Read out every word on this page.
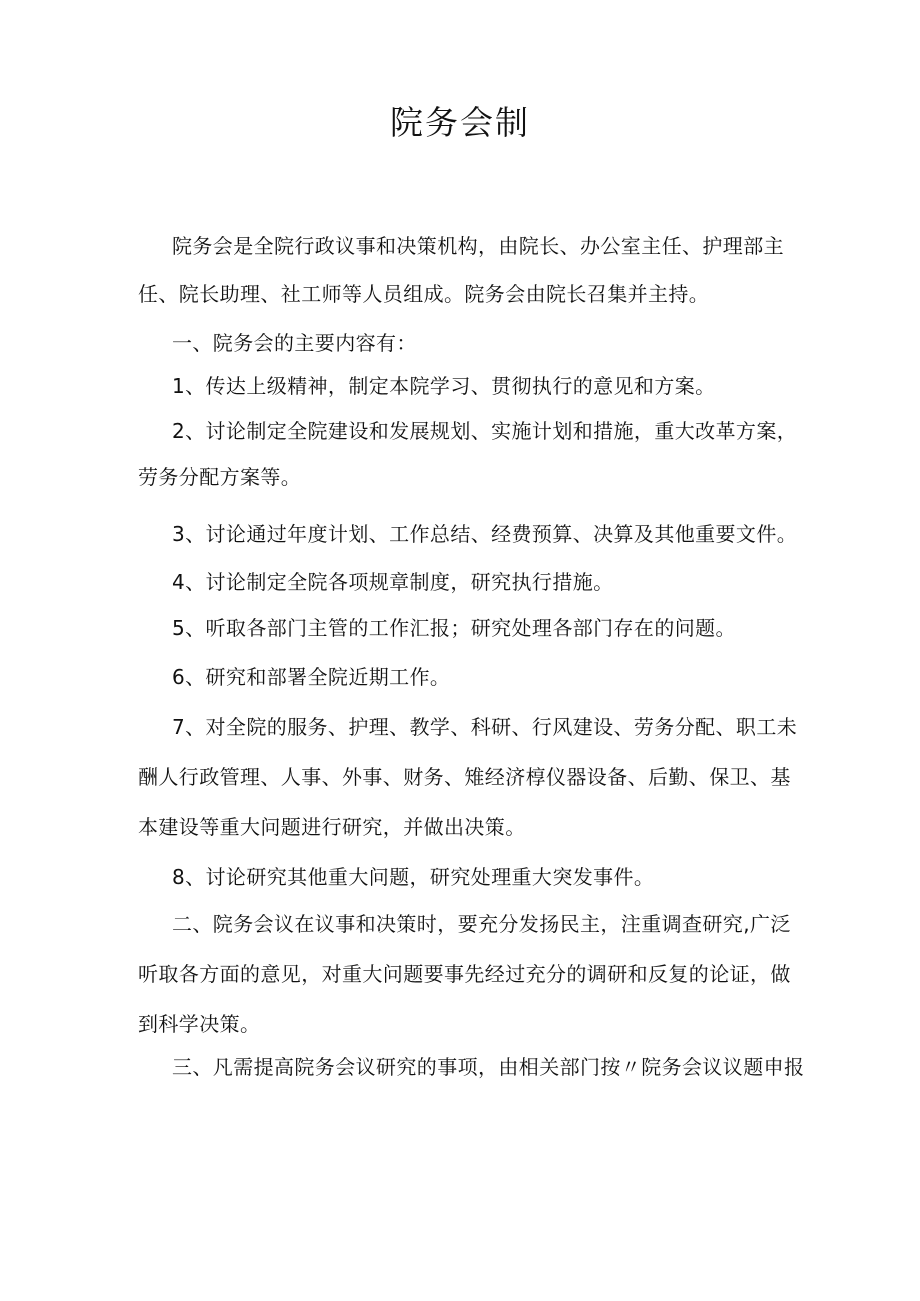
院务会制
院务会是全院行政议事和决策机构，由院长、办公室主任、护理部主
任、院长助理、社工师等人员组成。院务会由院长召集并主持。
一、院务会的主要内容有：
1、传达上级精神，制定本院学习、贯彻执行的意见和方案。
2、讨论制定全院建设和发展规划、实施计划和措施，重大改革方案，
劳务分配方案等。
3、讨论通过年度计划、工作总结、经费预算、决算及其他重要文件。
4、讨论制定全院各项规章制度，研究执行措施。
5、听取各部门主管的工作汇报；研究处理各部门存在的问题。
6、研究和部署全院近期工作。
7、对全院的服务、护理、教学、科研、行风建设、劳务分配、职工未
酬人行政管理、人事、外事、财务、雉经济椁仪器设备、后勤、保卫、基
本建设等重大问题进行研究，并做出决策。
8、讨论研究其他重大问题，研究处理重大突发事件。
二、院务会议在议事和决策时，要充分发扬民主，注重调查研究,广泛
听取各方面的意见，对重大问题要事先经过充分的调研和反复的论证，做
到科学决策。
三、凡需提高院务会议研究的事项，由相关部门按〃院务会议议题申报
